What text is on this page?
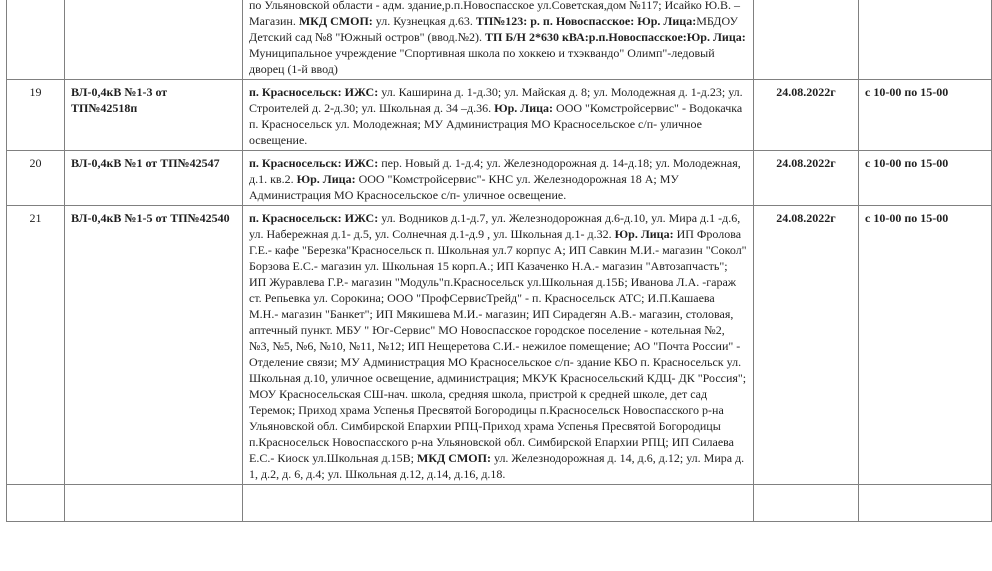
		по Ульяновской области - адм. здание,р.п.Новоспасское ул.Советская,дом №117; Исайко Ю.В. – Магазин. МКД СМОП: ул. Кузнецкая д.63. ТП№123: р. п. Новоспасское: Юр. Лица:МБДОУ Детский сад №8 "Южный остров" (ввод.№2). ТП Б/Н 2*630 кВА:р.п.Новоспасское:Юр. Лица: Муниципальное учреждение "Спортивная школа по хоккею и тхэквандо" Олимп"-ледовый дворец (1-й ввод)		
19	ВЛ-0,4кВ №1-3 от ТП№42518п	п. Красносельск: ИЖС: ул. Каширина д. 1-д.30; ул. Майская д. 8; ул. Молодежная д. 1-д.23; ул. Строителей д. 2-д.30; ул. Школьная д. 34 –д.36. Юр. Лица: ООО "Комстройсервис" - Водокачка п. Красносельск ул. Молодежная; МУ Администрация МО Красносельское с/п- уличное освещение.	24.08.2022г	с 10-00 по 15-00
20	ВЛ-0,4кВ №1 от ТП№42547	п. Красносельск: ИЖС: пер. Новый д. 1-д.4; ул. Железнодорожная д. 14-д.18; ул. Молодежная, д.1. кв.2. Юр. Лица: ООО "Комстройсервис"- КНС ул. Железнодорожная 18 А; МУ Администрация МО Красносельское с/п- уличное освещение.	24.08.2022г	с 10-00 по 15-00
21	ВЛ-0,4кВ №1-5 от ТП№42540	п. Красносельск: ИЖС: ул. Водников д.1-д.7, ул. Железнодорожная д.6-д.10, ул. Мира д.1 -д.6, ул. Набережная д.1- д.5, ул. Солнечная д.1-д.9 , ул. Школьная д.1- д.32. Юр. Лица: ИП Фролова Г.Е.- кафе "Березка"Красносельск п. Школьная ул.7 корпус А; ИП Савкин М.И.- магазин "Сокол" Борзова Е.С.- магазин ул. Школьная 15 корп.А.; ИП Казаченко Н.А.- магазин "Автозапчасть"; ИП Журавлева Г.Р.- магазин "Модуль"п.Красносельск ул.Школьная д.15Б; Иванова Л.А. -гараж ст. Репьевка ул. Сорокина; ООО "ПрофСервисТрейд" - п. Красносельск АТС; И.П.Кашаева М.Н.- магазин "Банкет"; ИП Мякишева М.И.- магазин; ИП Сирадегян А.В.- магазин, столовая, аптечный пункт. МБУ " Юг-Сервис" МО Новоспасское городское поселение - котельная №2, №3, №5, №6, №10, №11, №12; ИП Нещеретова С.И.- нежилое помещение; АО "Почта России" - Отделение связи; МУ Администрация МО Красносельское с/п- здание КБО п. Красносельск ул. Школьная д.10, уличное освещение, администрация; МКУК Красносельский КДЦ- ДК "Россия"; МОУ Красносельская СШ-нач. школа, средняя школа, пристрой к средней школе, дет сад Теремок; Приход храма Успенья Пресвятой Богородицы п.Красносельск Новоспасского р-на Ульяновской обл. Симбирской Епархии РПЦ-Приход храма Успенья Пресвятой Богородицы п.Красносельск Новоспасского р-на Ульяновской обл. Симбирской Епархии РПЦ; ИП Силаева Е.С.- Киоск ул.Школьная д.15В; МКД СМОП: ул. Железнодорожная д. 14, д.6, д.12; ул. Мира д. 1, д.2, д. 6, д.4; ул. Школьная д.12, д.14, д.16, д.18.	24.08.2022г	с 10-00 по 15-00
